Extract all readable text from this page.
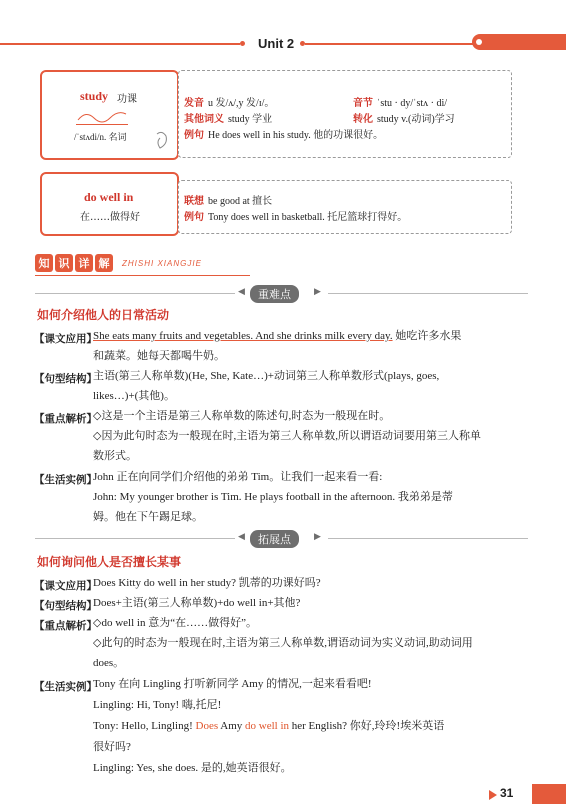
Unit 2
study 功课
/ˈstʌdi/n. 名词
发音 u 发/ʌ/,y 发/ɪ/。	音节 ˈstu · dy/ˈstʌ · di/
其他词义 study 学业	转化 study v.(动词)学习
例句 He does well in his study. 他的功课很好。
do well in
在……做得好
联想 be good at 擅长
例句 Tony does well in basketball. 托尼篮球打得好。
知 识 详 解	ZHISHI XIANGJIE
◀	重难点	▶
如何介绍他人的日常活动
【课文应用】
She eats many fruits and vegetables. And she drinks milk every day. 她吃许多水果
和蔬菜。她每天都喝牛奶。
【句型结构】
主语(第三人称单数)(He, She, Kate…)+动词第三人称单数形式(plays, goes,
likes…)+(其他)。
【重点解析】
◇这是一个主语是第三人称单数的陈述句,时态为一般现在时。
◇因为此句时态为一般现在时,主语为第三人称单数,所以谓语动词要用第三人称单
数形式。
【生活实例】
John 正在向同学们介绍他的弟弟 Tim。让我们一起来看一看:
John: My younger brother is Tim. He plays football in the afternoon. 我弟弟是蒂
姆。他在下午踢足球。
◀	拓展点	▶
如何询问他人是否擅长某事
【课文应用】
Does Kitty do well in her study? 凯蒂的功课好吗?
【句型结构】
Does+主语(第三人称单数)+do well in+其他?
【重点解析】
◇do well in 意为“在……做得好”。
◇此句的时态为一般现在时,主语为第三人称单数,谓语动词为实义动词,助动词用
does。
【生活实例】
Tony 在向 Lingling 打听新同学 Amy 的情况,一起来看看吧!
Lingling: Hi, Tony! 嗨,托尼!
Tony: Hello, Lingling! Does Amy do well in her English? 你好,玲玲!埃米英语
很好吗?
Lingling: Yes, she does. 是的,她英语很好。
31
